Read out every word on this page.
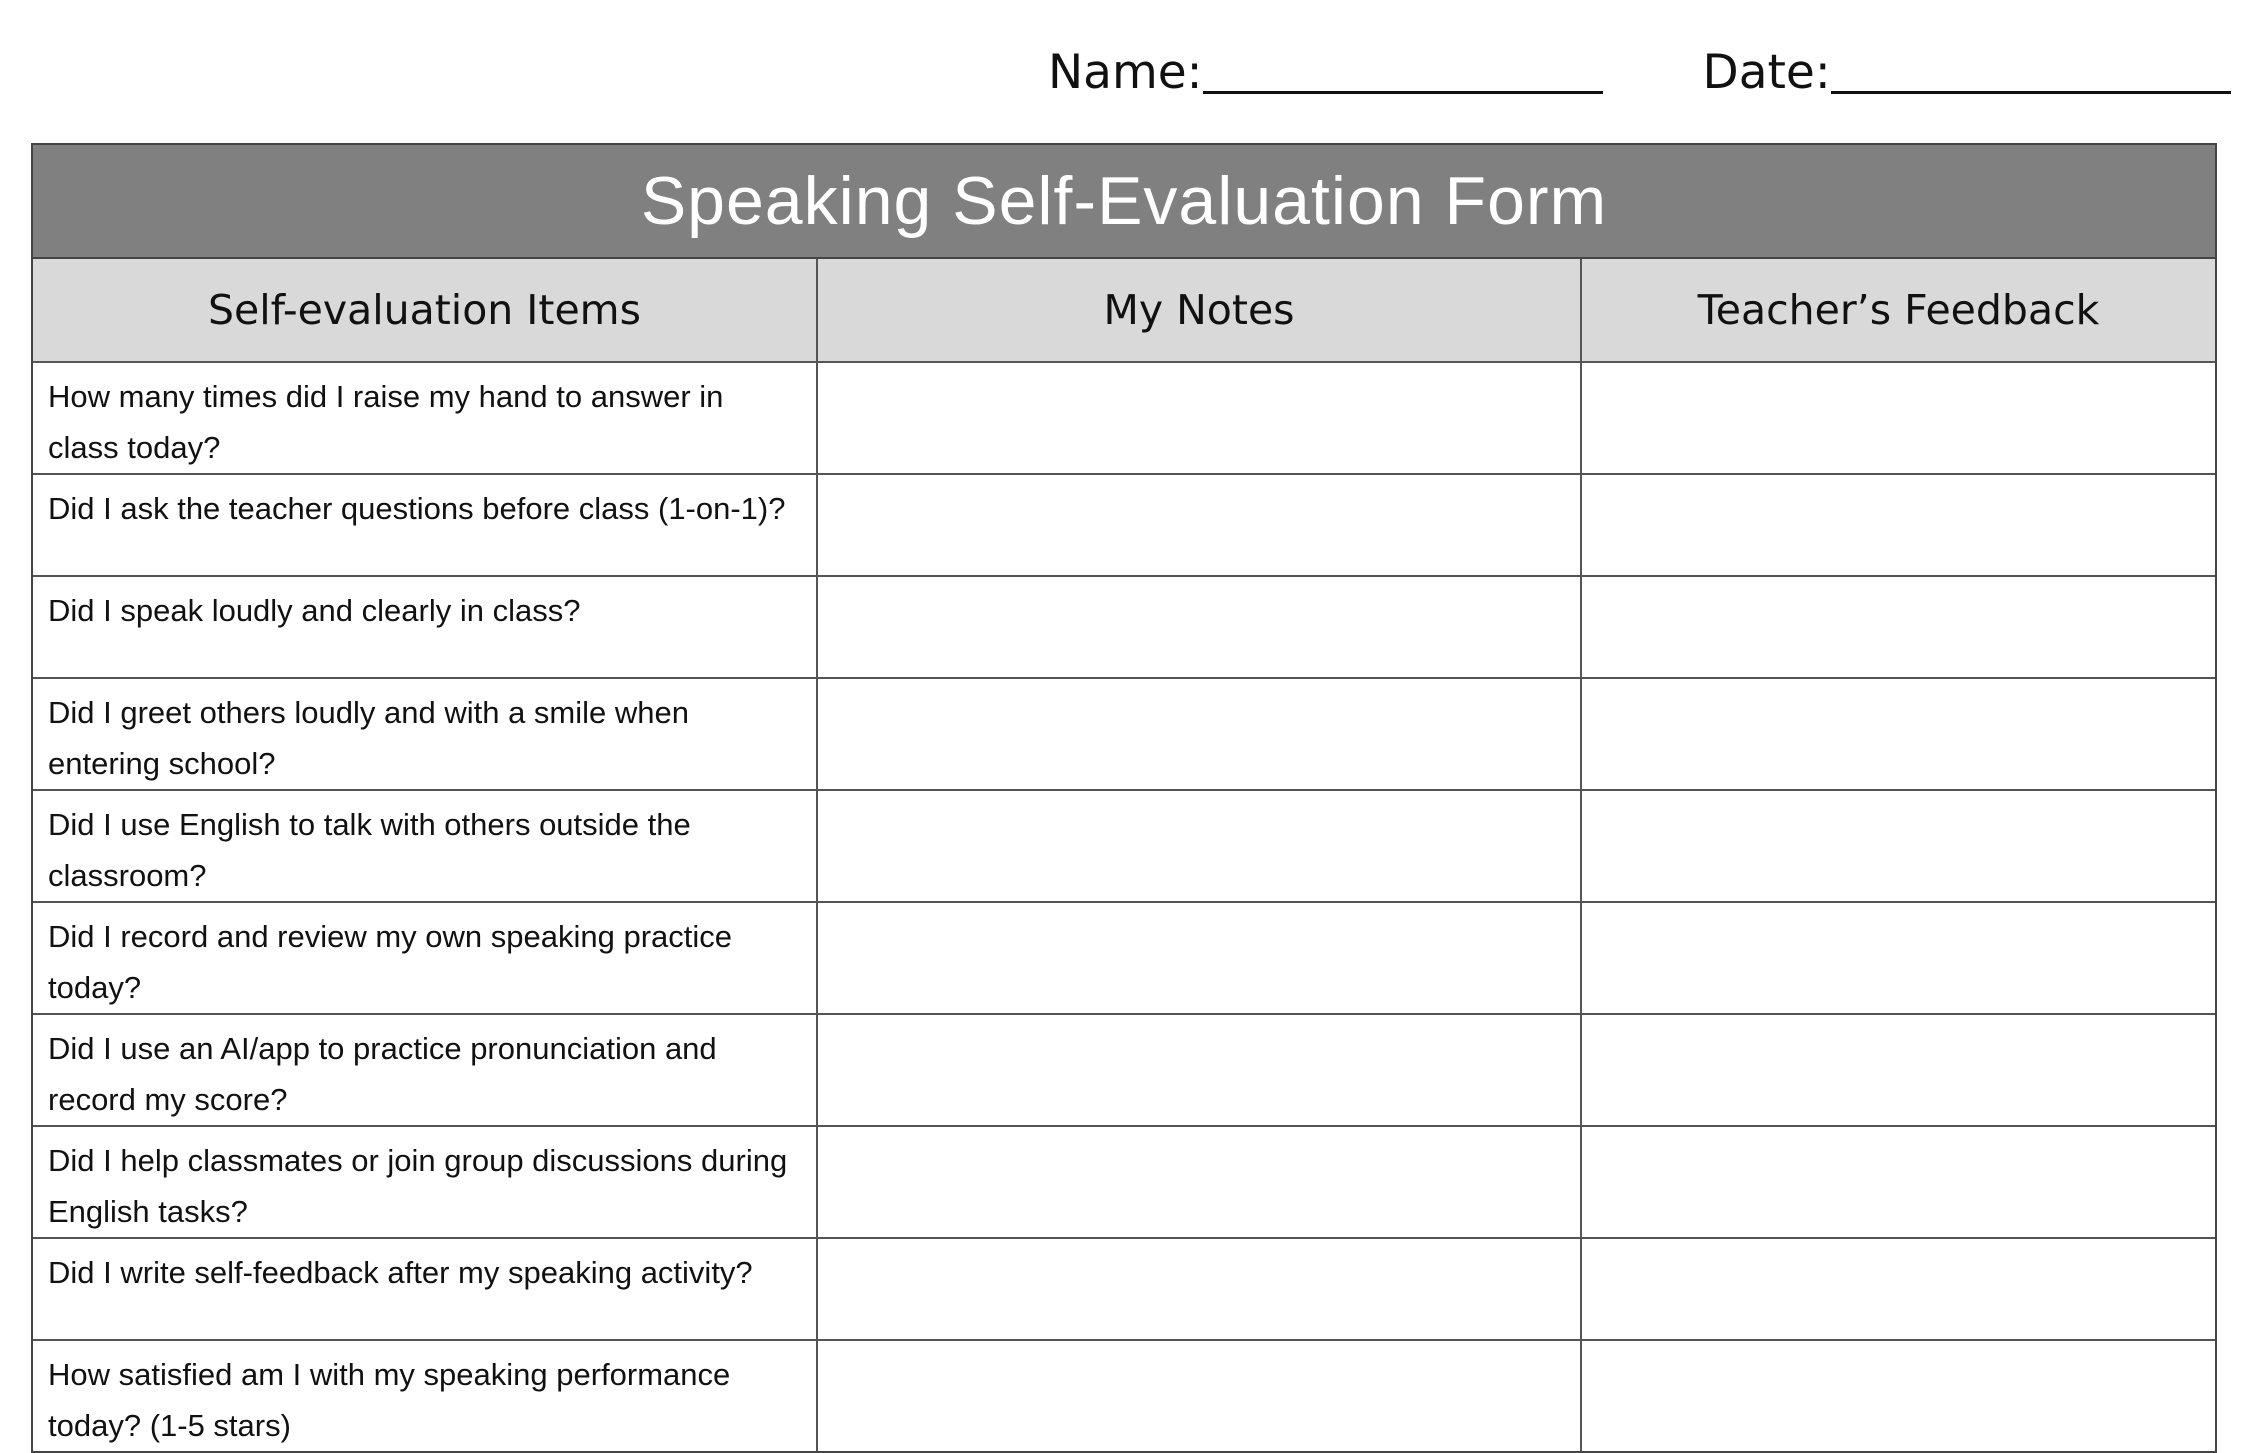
Name:	Date:
Speaking Self-Evaluation Form
Self-evaluation Items	My Notes	Teacher’s Feedback
How many times did I raise my hand to answer in class today?		
Did I ask the teacher questions before class (1-on-1)?		
Did I speak loudly and clearly in class?		
Did I greet others loudly and with a smile when entering school?		
Did I use English to talk with others outside the classroom?		
Did I record and review my own speaking practice today?		
Did I use an AI/app to practice pronunciation and record my score?		
Did I help classmates or join group discussions during English tasks?		
Did I write self-feedback after my speaking activity?		
How satisfied am I with my speaking performance today? (1-5 stars)		
